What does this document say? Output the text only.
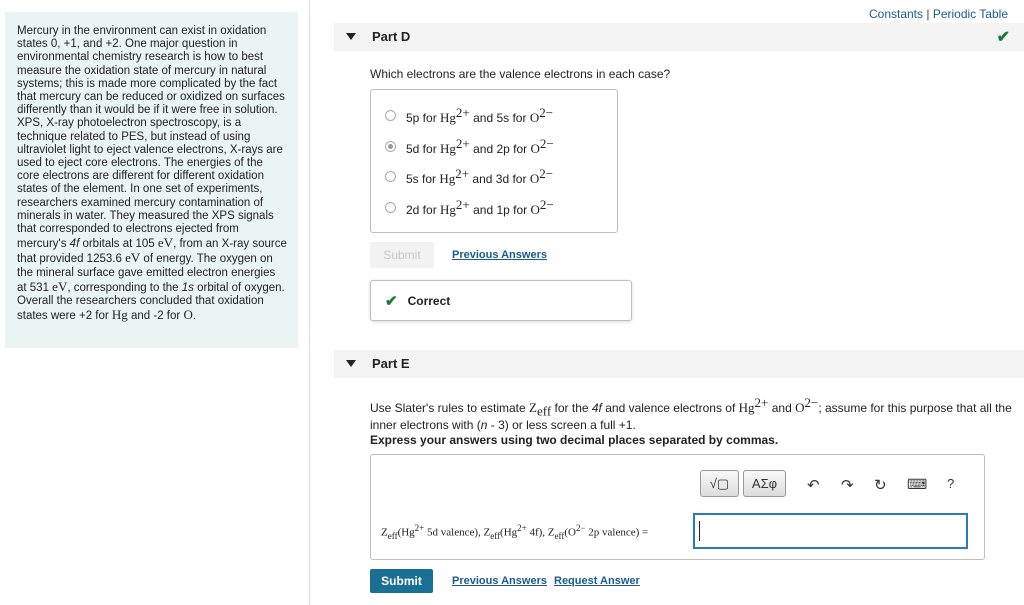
Mercury in the environment can exist in oxidation states 0, +1, and +2. One major question in environmental chemistry research is how to best measure the oxidation state of mercury in natural systems; this is made more complicated by the fact that mercury can be reduced or oxidized on surfaces differently than it would be if it were free in solution. XPS, X-ray photoelectron spectroscopy, is a technique related to PES, but instead of using ultraviolet light to eject valence electrons, X-rays are used to eject core electrons. The energies of the core electrons are different for different oxidation states of the element. In one set of experiments, researchers examined mercury contamination of minerals in water. They measured the XPS signals that corresponded to electrons ejected from mercury's 4f orbitals at 105 eV, from an X-ray source that provided 1253.6 eV of energy. The oxygen on the mineral surface gave emitted electron energies at 531 eV, corresponding to the 1s orbital of oxygen. Overall the researchers concluded that oxidation states were +2 for Hg and -2 for O.
Constants | Periodic Table
Part D	✔
Which electrons are the valence electrons in each case?
5p for $Hg^{2+}$ and 5s for $O^{2-}$
5d for $Hg^{2+}$ and 2p for $O^{2-}$
5s for $Hg^{2+}$ and 3d for $O^{2-}$
2d for $Hg^{2+}$ and 1p for $O^{2-}$
Submit	Previous Answers
✔ Correct
Part E
Use Slater's rules to estimate $Z_{eff}$ for the 4f and valence electrons of $Hg^{2+}$ and $O^{2-}$; assume for this purpose that all the inner electrons with (n - 3) or less screen a full +1.
Express your answers using two decimal places separated by commas.
√▢	ΑΣφ	↶ ↷ ↻ ⌨ ?
$Z_{eff}(Hg^{2+}$ 5d valence), $Z_{eff}(Hg^{2+}$ 4f), $Z_{eff}(O^{2-}$ 2p valence) =
Submit	Previous Answers Request Answer
